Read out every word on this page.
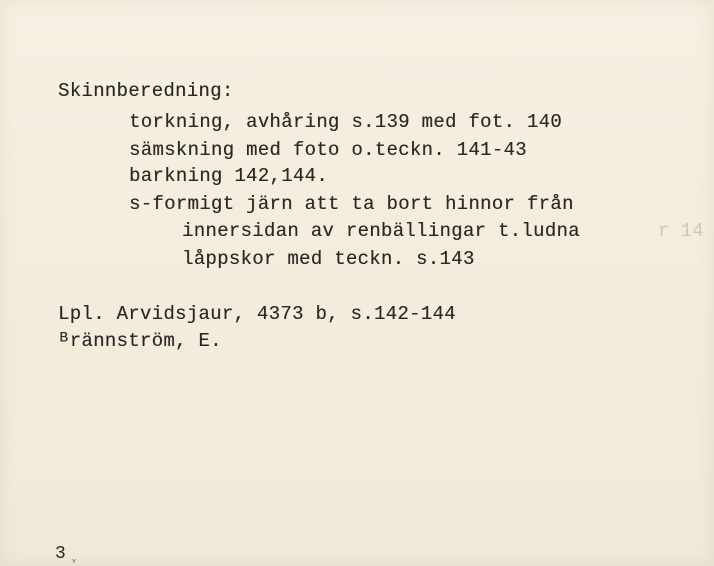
Skinnberedning:
torkning, avhåring s.139 med fot. 140
sämskning med foto o.teckn. 141-43
barkning 142,144.
s-formigt järn att ta bort hinnor från
innersidan av renbällingar t.ludna	r 14
låppskor med teckn. s.143
Lpl. Arvidsjaur, 4373 b, s.142-144
ᴮrännström, E.
3 ᵥ
